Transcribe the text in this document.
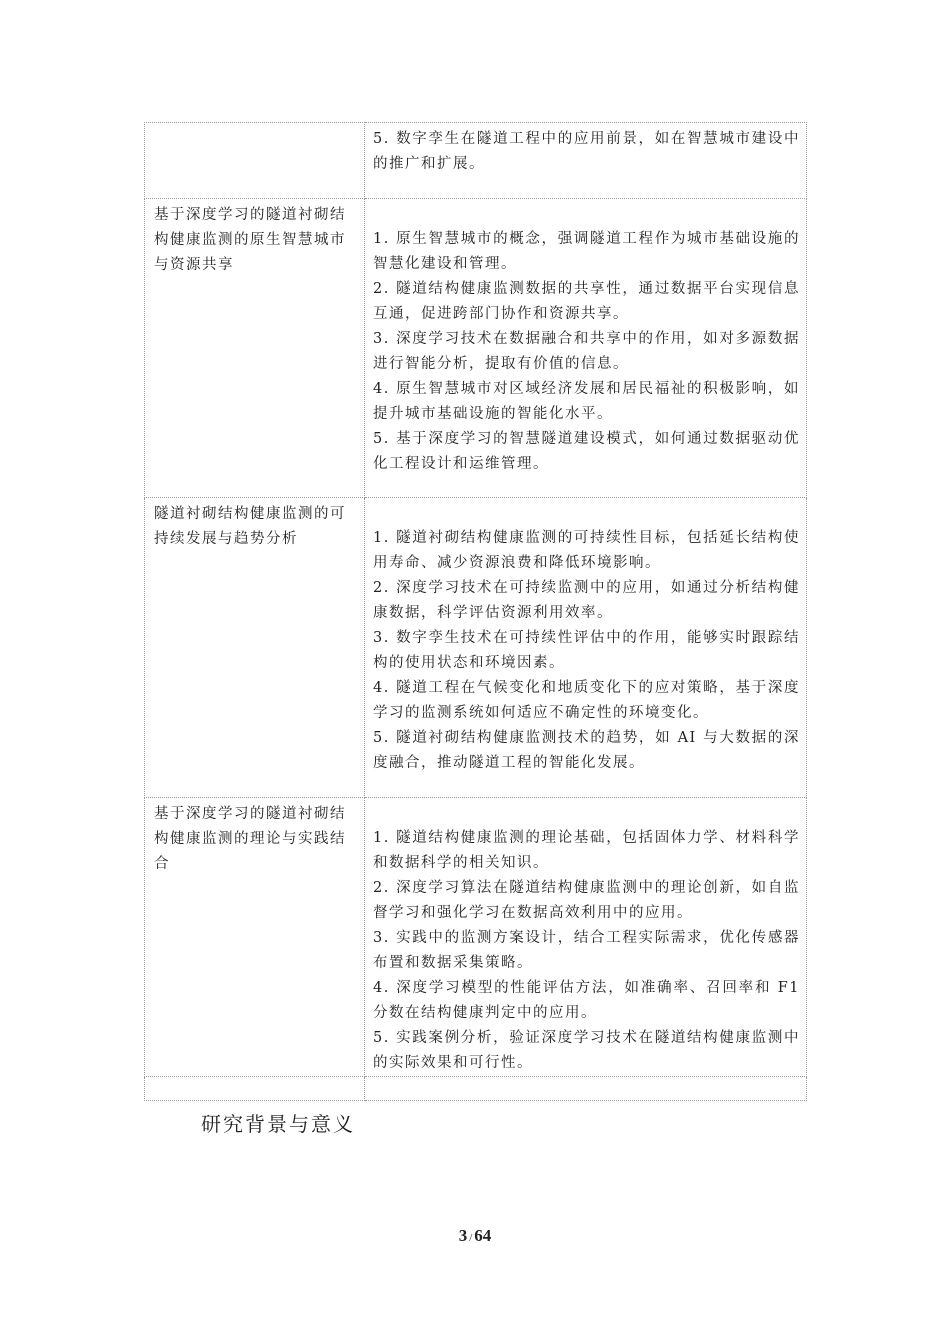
	5. 数字孪生在隧道工程中的应用前景，如在智慧城市建设中的推广和扩展。

基于深度学习的隧道衬砌结构健康监测的原生智慧城市与资源共享	1. 原生智慧城市的概念，强调隧道工程作为城市基础设施的智慧化建设和管理。
2. 隧道结构健康监测数据的共享性，通过数据平台实现信息互通，促进跨部门协作和资源共享。
3. 深度学习技术在数据融合和共享中的作用，如对多源数据进行智能分析，提取有价值的信息。
4. 原生智慧城市对区域经济发展和居民福祉的积极影响，如提升城市基础设施的智能化水平。
5. 基于深度学习的智慧隧道建设模式，如何通过数据驱动优化工程设计和运维管理。

隧道衬砌结构健康监测的可持续发展与趋势分析	1. 隧道衬砌结构健康监测的可持续性目标，包括延长结构使用寿命、减少资源浪费和降低环境影响。
2. 深度学习技术在可持续监测中的应用，如通过分析结构健康数据，科学评估资源利用效率。
3. 数字孪生技术在可持续性评估中的作用，能够实时跟踪结构的使用状态和环境因素。
4. 隧道工程在气候变化和地质变化下的应对策略，基于深度学习的监测系统如何适应不确定性的环境变化。
5. 隧道衬砌结构健康监测技术的趋势，如 AI 与大数据的深度融合，推动隧道工程的智能化发展。

基于深度学习的隧道衬砌结构健康监测的理论与实践结合	1. 隧道结构健康监测的理论基础，包括固体力学、材料科学和数据科学的相关知识。
2. 深度学习算法在隧道结构健康监测中的理论创新，如自监督学习和强化学习在数据高效利用中的应用。
3. 实践中的监测方案设计，结合工程实际需求，优化传感器布置和数据采集策略。
4. 深度学习模型的性能评估方法，如准确率、召回率和 F1 分数在结构健康判定中的应用。
5. 实践案例分析，验证深度学习技术在隧道结构健康监测中的实际效果和可行性。

研究背景与意义
3 / 64
